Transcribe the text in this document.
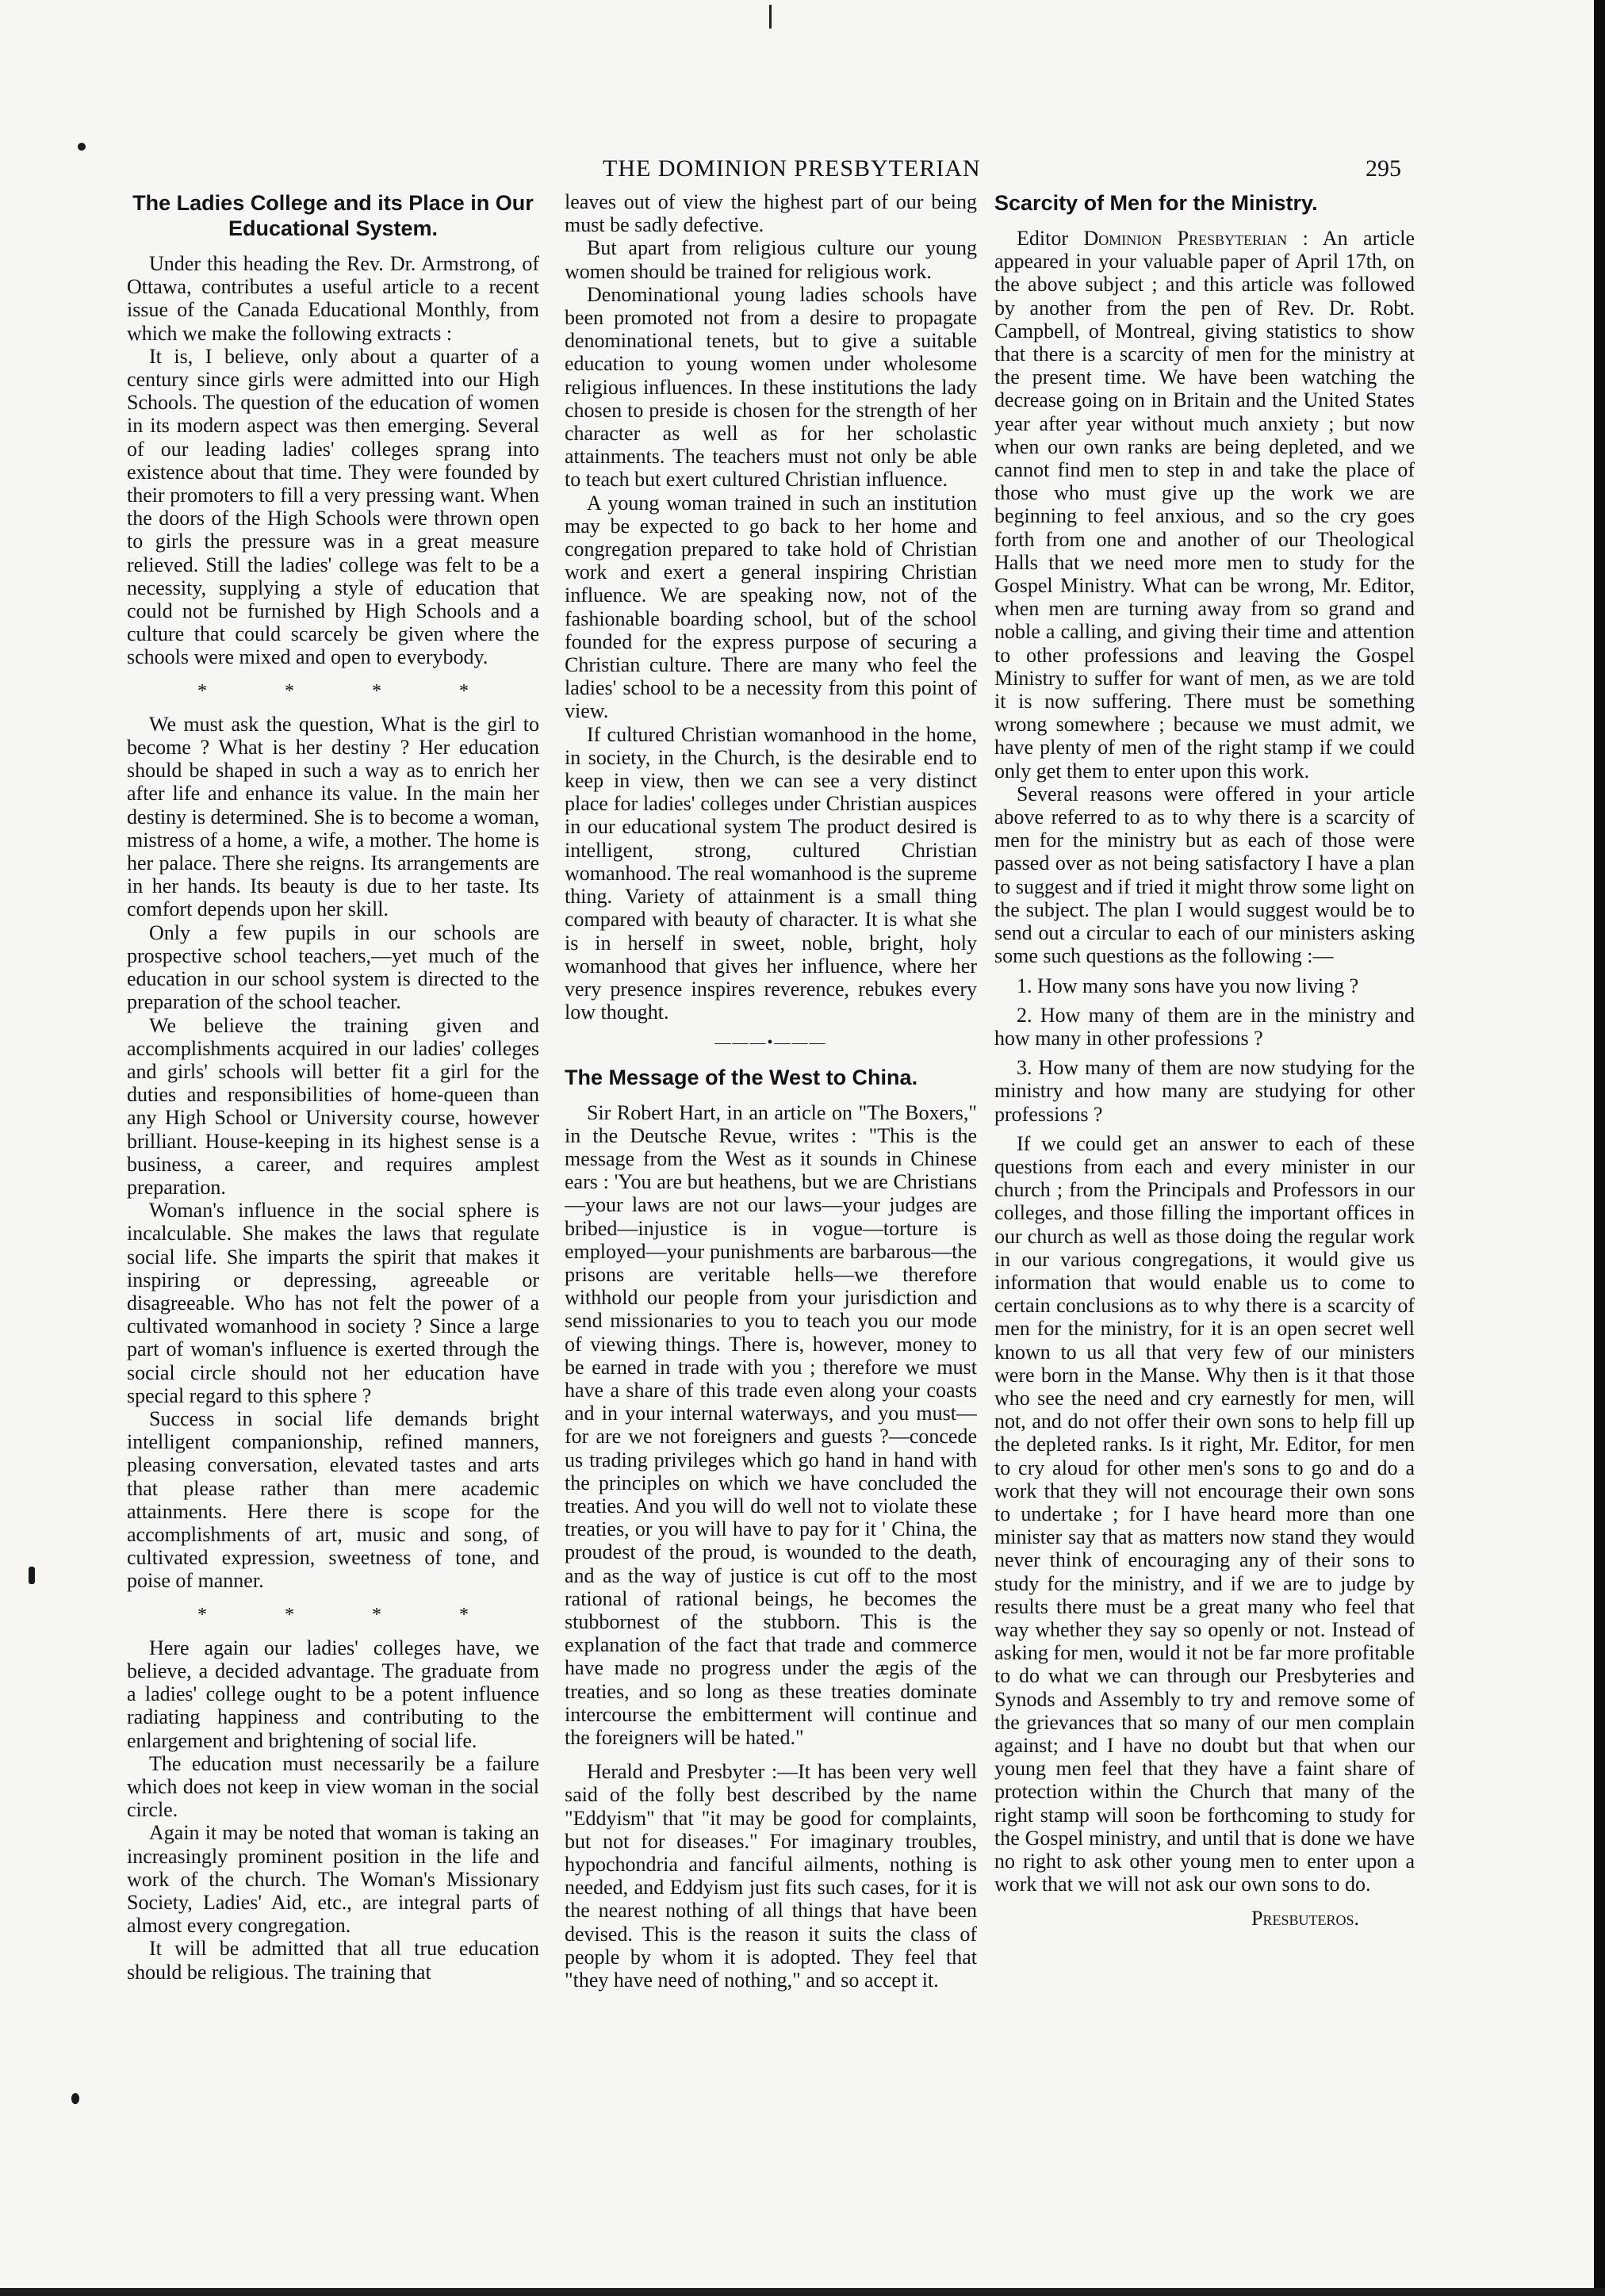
THE DOMINION PRESBYTERIAN	295
The Ladies College and its Place in Our Educational System.

Under this heading the Rev. Dr. Armstrong, of Ottawa, contributes a useful article to a recent issue of the Canada Educational Monthly, from which we make the following extracts :

It is, I believe, only about a quarter of a century since girls were admitted into our High Schools. The question of the education of women in its modern aspect was then emerging. Several of our leading ladies' colleges sprang into existence about that time. They were founded by their promoters to fill a very pressing want. When the doors of the High Schools were thrown open to girls the pressure was in a great measure relieved. Still the ladies' college was felt to be a necessity, supplying a style of education that could not be furnished by High Schools and a culture that could scarcely be given where the schools were mixed and open to everybody.

* * * *

We must ask the question, What is the girl to become ? What is her destiny ? Her education should be shaped in such a way as to enrich her after life and enhance its value. In the main her destiny is determined. She is to become a woman, mistress of a home, a wife, a mother. The home is her palace. There she reigns. Its arrangements are in her hands. Its beauty is due to her taste. Its comfort depends upon her skill.

Only a few pupils in our schools are prospective school teachers,—yet much of the education in our school system is directed to the preparation of the school teacher.

We believe the training given and accomplishments acquired in our ladies' colleges and girls' schools will better fit a girl for the duties and responsibilities of home-queen than any High School or University course, however brilliant. House-keeping in its highest sense is a business, a career, and requires amplest preparation.

Woman's influence in the social sphere is incalculable. She makes the laws that regulate social life. She imparts the spirit that makes it inspiring or depressing, agreeable or disagreeable. Who has not felt the power of a cultivated womanhood in society ? Since a large part of woman's influence is exerted through the social circle should not her education have special regard to this sphere ?

Success in social life demands bright intelligent companionship, refined manners, pleasing conversation, elevated tastes and arts that please rather than mere academic attainments. Here there is scope for the accomplishments of art, music and song, of cultivated expression, sweetness of tone, and poise of manner.

* * * *

Here again our ladies' colleges have, we believe, a decided advantage. The graduate from a ladies' college ought to be a potent influence radiating happiness and contributing to the enlargement and brightening of social life.

The education must necessarily be a failure which does not keep in view woman in the social circle.

Again it may be noted that woman is taking an increasingly prominent position in the life and work of the church. The Woman's Missionary Society, Ladies' Aid, etc., are integral parts of almost every congregation.

It will be admitted that all true education should be religious. The training that

leaves out of view the highest part of our being must be sadly defective.

But apart from religious culture our young women should be trained for religious work.

Denominational young ladies schools have been promoted not from a desire to propagate denominational tenets, but to give a suitable education to young women under wholesome religious influences. In these institutions the lady chosen to preside is chosen for the strength of her character as well as for her scholastic attainments. The teachers must not only be able to teach but exert cultured Christian influence.

A young woman trained in such an institution may be expected to go back to her home and congregation prepared to take hold of Christian work and exert a general inspiring Christian influence. We are speaking now, not of the fashionable boarding school, but of the school founded for the express purpose of securing a Christian culture. There are many who feel the ladies' school to be a necessity from this point of view.

If cultured Christian womanhood in the home, in society, in the Church, is the desirable end to keep in view, then we can see a very distinct place for ladies' colleges under Christian auspices in our educational system The product desired is intelligent, strong, cultured Christian womanhood. The real womanhood is the supreme thing. Variety of attainment is a small thing compared with beauty of character. It is what she is in herself in sweet, noble, bright, holy womanhood that gives her influence, where her very presence inspires reverence, rebukes every low thought.

———•———
The Message of the West to China.

Sir Robert Hart, in an article on "The Boxers," in the Deutsche Revue, writes : "This is the message from the West as it sounds in Chinese ears : 'You are but heathens, but we are Christians—your laws are not our laws—your judges are bribed—injustice is in vogue—torture is employed—your punishments are barbarous—the prisons are veritable hells—we therefore withhold our people from your jurisdiction and send missionaries to you to teach you our mode of viewing things. There is, however, money to be earned in trade with you ; therefore we must have a share of this trade even along your coasts and in your internal waterways, and you must—for are we not foreigners and guests ?—concede us trading privileges which go hand in hand with the principles on which we have concluded the treaties. And you will do well not to violate these treaties, or you will have to pay for it ' China, the proudest of the proud, is wounded to the death, and as the way of justice is cut off to the most rational of rational beings, he becomes the stubbornest of the stubborn. This is the explanation of the fact that trade and commerce have made no progress under the ægis of the treaties, and so long as these treaties dominate intercourse the embitterment will continue and the foreigners will be hated."

Herald and Presbyter :—It has been very well said of the folly best described by the name "Eddyism" that "it may be good for complaints, but not for diseases." For imaginary troubles, hypochondria and fanciful ailments, nothing is needed, and Eddyism just fits such cases, for it is the nearest nothing of all things that have been devised. This is the reason it suits the class of people by whom it is adopted. They feel that "they have need of nothing," and so accept it.

Scarcity of Men for the Ministry.

Editor Dominion Presbyterian : An article appeared in your valuable paper of April 17th, on the above subject ; and this article was followed by another from the pen of Rev. Dr. Robt. Campbell, of Montreal, giving statistics to show that there is a scarcity of men for the ministry at the present time. We have been watching the decrease going on in Britain and the United States year after year without much anxiety ; but now when our own ranks are being depleted, and we cannot find men to step in and take the place of those who must give up the work we are beginning to feel anxious, and so the cry goes forth from one and another of our Theological Halls that we need more men to study for the Gospel Ministry. What can be wrong, Mr. Editor, when men are turning away from so grand and noble a calling, and giving their time and attention to other professions and leaving the Gospel Ministry to suffer for want of men, as we are told it is now suffering. There must be something wrong somewhere ; because we must admit, we have plenty of men of the right stamp if we could only get them to enter upon this work.

Several reasons were offered in your article above referred to as to why there is a scarcity of men for the ministry but as each of those were passed over as not being satisfactory I have a plan to suggest and if tried it might throw some light on the subject. The plan I would suggest would be to send out a circular to each of our ministers asking some such questions as the following :—

1. How many sons have you now living ?

2. How many of them are in the ministry and how many in other professions ?

3. How many of them are now studying for the ministry and how many are studying for other professions ?

If we could get an answer to each of these questions from each and every minister in our church ; from the Principals and Professors in our colleges, and those filling the important offices in our church as well as those doing the regular work in our various congregations, it would give us information that would enable us to come to certain conclusions as to why there is a scarcity of men for the ministry, for it is an open secret well known to us all that very few of our ministers were born in the Manse. Why then is it that those who see the need and cry earnestly for men, will not, and do not offer their own sons to help fill up the depleted ranks. Is it right, Mr. Editor, for men to cry aloud for other men's sons to go and do a work that they will not encourage their own sons to undertake ; for I have heard more than one minister say that as matters now stand they would never think of encouraging any of their sons to study for the ministry, and if we are to judge by results there must be a great many who feel that way whether they say so openly or not. Instead of asking for men, would it not be far more profitable to do what we can through our Presbyteries and Synods and Assembly to try and remove some of the grievances that so many of our men complain against; and I have no doubt but that when our young men feel that they have a faint share of protection within the Church that many of the right stamp will soon be forthcoming to study for the Gospel ministry, and until that is done we have no right to ask other young men to enter upon a work that we will not ask our own sons to do.

Presbuteros.
